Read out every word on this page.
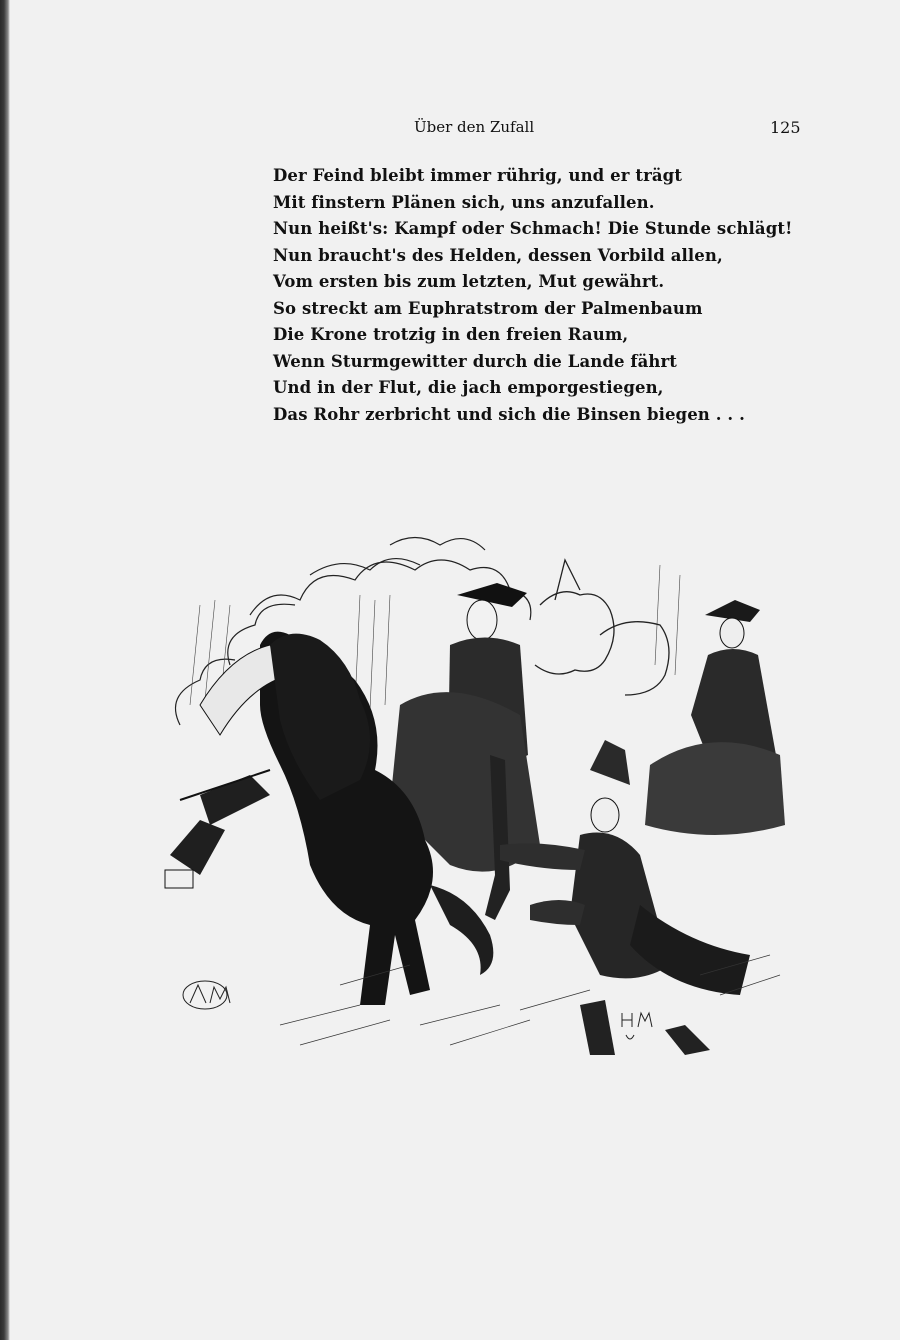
Über den Zufall	125
Der Feind bleibt immer rührig, und er trägt
Mit finstern Plänen sich, uns anzufallen.
Nun heißt's: Kampf oder Schmach! Die Stunde schlägt!
Nun braucht's des Helden, dessen Vorbild allen,
Vom ersten bis zum letzten, Mut gewährt.
So streckt am Euphratstrom der Palmenbaum
Die Krone trotzig in den freien Raum,
Wenn Sturmgewitter durch die Lande fährt
Und in der Flut, die jach emporgestiegen,
Das Rohr zerbricht und sich die Binsen biegen . . .
